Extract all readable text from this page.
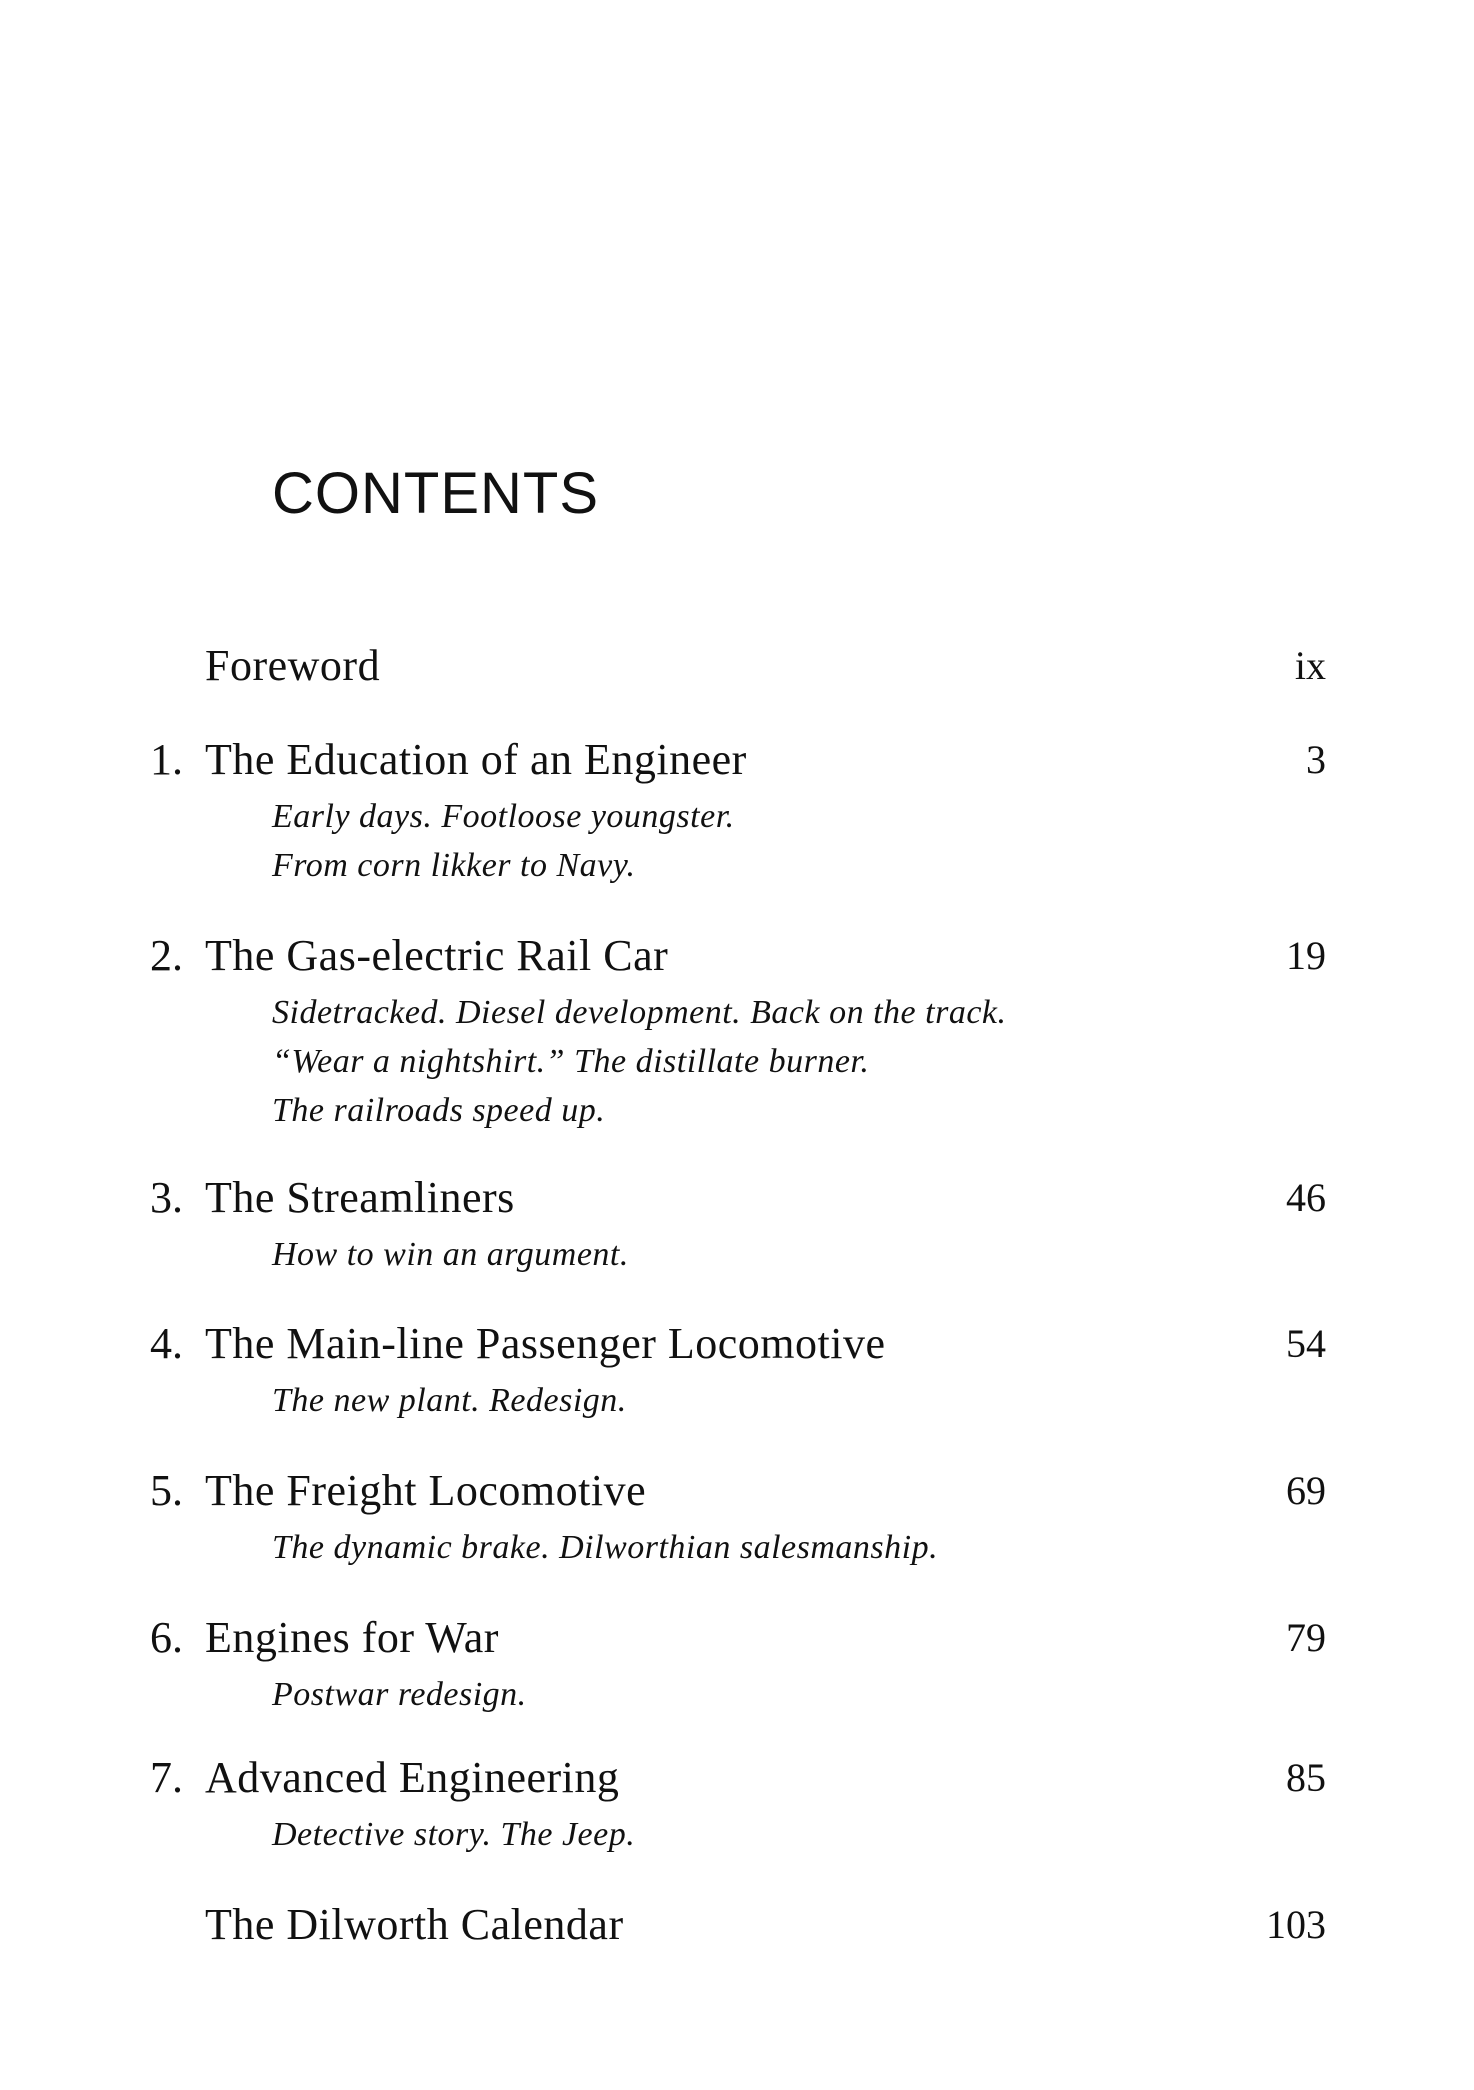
CONTENTS
Foreword	ix
1. The Education of an Engineer	3
Early days. Footloose youngster.
From corn likker to Navy.
2. The Gas-electric Rail Car	19
Sidetracked. Diesel development. Back on the track.
“Wear a nightshirt.” The distillate burner.
The railroads speed up.
3. The Streamliners	46
How to win an argument.
4. The Main-line Passenger Locomotive	54
The new plant. Redesign.
5. The Freight Locomotive	69
The dynamic brake. Dilworthian salesmanship.
6. Engines for War	79
Postwar redesign.
7. Advanced Engineering	85
Detective story. The Jeep.
The Dilworth Calendar	103
